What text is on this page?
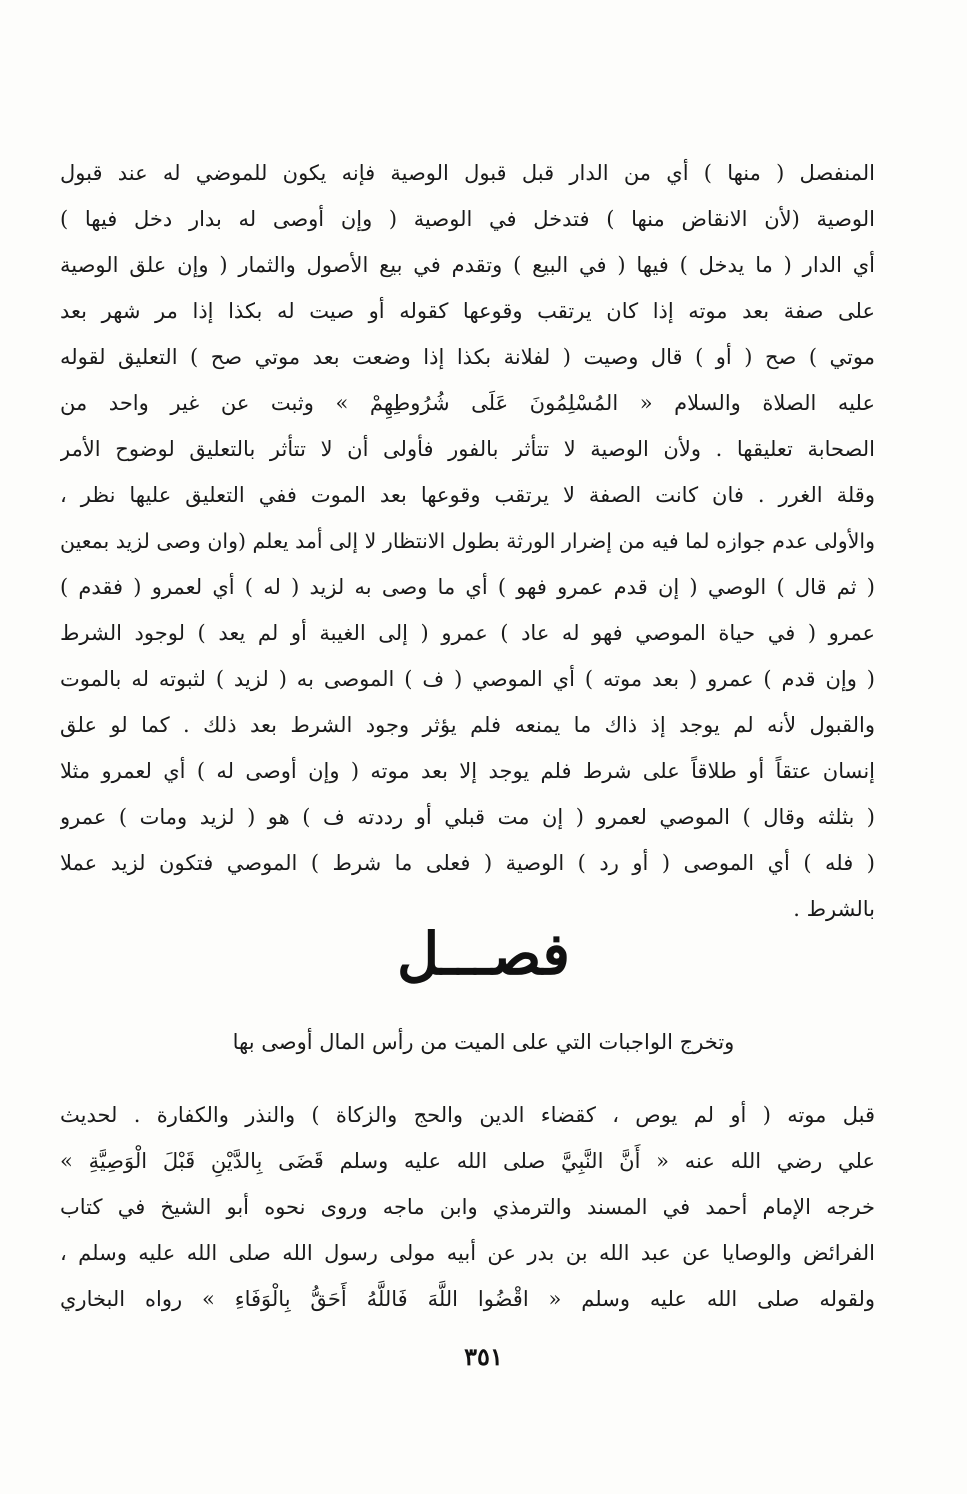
المنفصل ( منها ) أي من الدار قبل قبول الوصية فإنه يكون للموضي له عند قبول
الوصية (لأن الانقاض منها ) فتدخل في الوصية ( وإن أوصى له بدار دخل فيها )
أي الدار ( ما يدخل ) فيها ( في البيع ) وتقدم في بيع الأصول والثمار ( وإن علق الوصية
على صفة بعد موته إذا كان يرتقب وقوعها كقوله أو صيت له بكذا إذا مر شهر بعد
موتي ) صح ( أو ) قال وصيت ( لفلانة بكذا إذا وضعت بعد موتي صح ) التعليق لقوله
عليه الصلاة والسلام « المُسْلِمُونَ عَلَى شُرُوطِهِمْ » وثبت عن غير واحد من
الصحابة تعليقها . ولأن الوصية لا تتأثر بالفور فأولى أن لا تتأثر بالتعليق لوضوح الأمر
وقلة الغرر . فان كانت الصفة لا يرتقب وقوعها بعد الموت ففي التعليق عليها نظر ،
والأولى عدم جوازه لما فيه من إضرار الورثة بطول الانتظار لا إلى أمد يعلم (وان وصى لزيد بمعين
( ثم قال ) الوصي ( إن قدم عمرو فهو ) أي ما وصى به لزيد ( له ) أي لعمرو ( فقدم )
عمرو ( في حياة الموصي فهو له عاد ) عمرو ( إلى الغيبة أو لم يعد ) لوجود الشرط
( وإن قدم ) عمرو ( بعد موته ) أي الموصي ( ف ) الموصى به ( لزيد ) لثبوته له بالموت
والقبول لأنه لم يوجد إذ ذاك ما يمنعه فلم يؤثر وجود الشرط بعد ذلك . كما لو علق
إنسان عتقاً أو طلاقاً على شرط فلم يوجد إلا بعد موته ( وإن أوصى له ) أي لعمرو مثلا
( بثلثه وقال ) الموصي لعمرو ( إن مت قبلي أو رددته ف ) هو ( لزيد ومات ) عمرو
( فله ) أي الموصى ( أو رد ) الوصية ( فعلى ما شرط ) الموصي فتكون لزيد عملا
بالشرط .
فصـــل
وتخرج الواجبات التي على الميت من رأس المال أوصى بها
قبل موته ( أو لم يوص ، كقضاء الدين والحج والزكاة ) والنذر والكفارة . لحديث
علي رضي الله عنه « أَنَّ النَّبِيَّ صلى الله عليه وسلم قَضَى بِالدَّيْنِ قَبْلَ الْوَصِيَّةِ »
خرجه الإمام أحمد في المسند والترمذي وابن ماجه وروى نحوه أبو الشيخ في كتاب
الفرائض والوصايا عن عبد الله بن بدر عن أبيه مولى رسول الله صلى الله عليه وسلم ،
ولقوله صلى الله عليه وسلم « اقْضُوا اللَّهَ فَاللَّهُ أَحَقُّ بِالْوَفَاءِ » رواه البخاري
٣٥١
